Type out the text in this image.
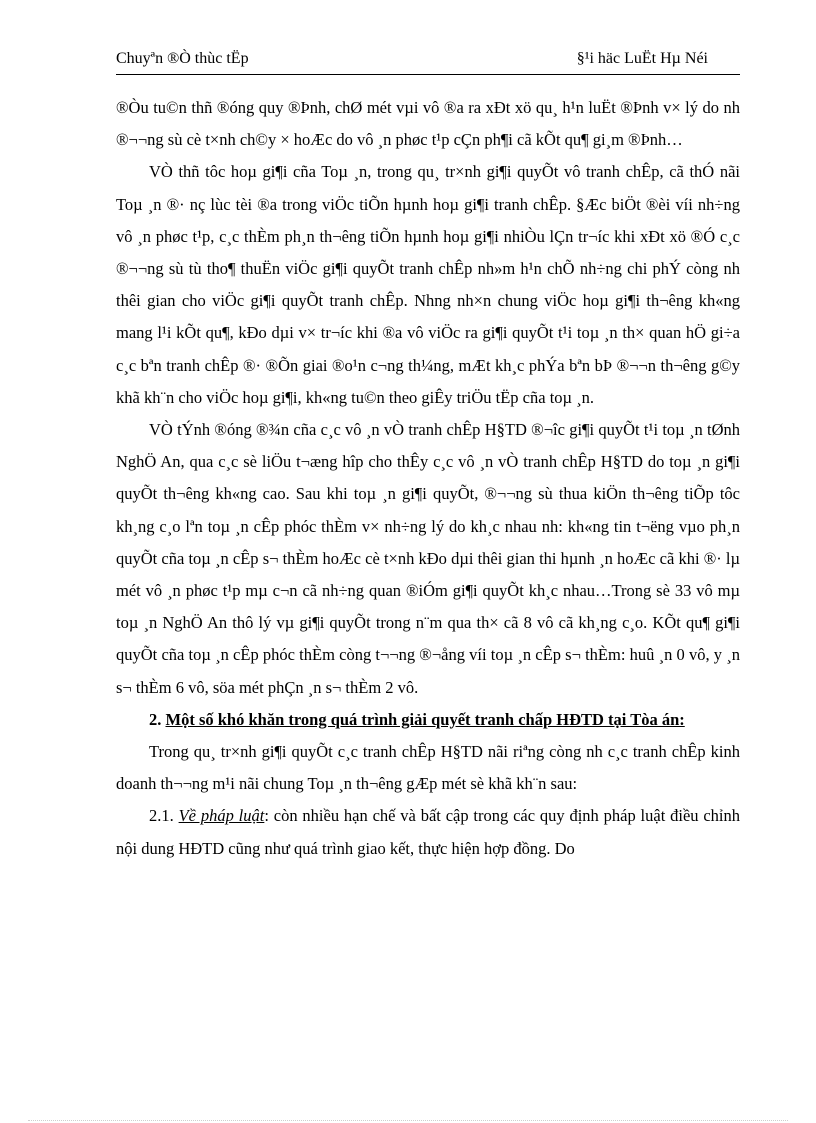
Chuyªn ®Ò thùc tËp	§¹i häc LuËt Hµ Néi

®Òu tu©n thñ ®óng quy ®Þnh, chØ mét vµi vô ®a ra xÐt xö qu¸ h¹n luËt ®Þnh v× lý do nh ®¬¬ng sù cè t×nh ch©y × hoÆc do vô ¸n phøc t¹p cÇn ph¶i cã kÕt qu¶ gi¸m ®Þnh…

VÒ thñ tôc hoµ gi¶i cña Toµ ¸n, trong qu¸ tr×nh gi¶i quyÕt vô tranh chÊp, cã thÓ nãi Toµ ¸n ®· nç lùc tèi ®a trong viÖc tiÕn hµnh hoµ gi¶i tranh chÊp. §Æc biÖt ®èi víi nh÷ng vô ¸n phøc t¹p, c¸c thÈm ph¸n th¬êng tiÕn hµnh hoµ gi¶i nhiÒu lÇn tr¬íc khi xÐt xö ®Ó c¸c ®¬¬ng sù tù tho¶ thuËn viÖc gi¶i quyÕt tranh chÊp nh»m h¹n chÕ nh÷ng chi phÝ còng nh thêi gian cho viÖc gi¶i quyÕt tranh chÊp. Nhng nh×n chung viÖc hoµ gi¶i th¬êng kh«ng mang l¹i kÕt qu¶, kÐo dµi v× tr¬íc khi ®a vô viÖc ra gi¶i quyÕt t¹i toµ ¸n th× quan hÖ gi÷a c¸c bªn tranh chÊp ®· ®Õn giai ®o¹n c¬ng th¼ng, mÆt kh¸c phÝa bªn bÞ ®¬¬n th¬êng g©y khã kh¨n cho viÖc hoµ gi¶i, kh«ng tu©n theo giÊy triÖu tËp cña toµ ¸n.

VÒ tÝnh ®óng ®¾n cña c¸c vô ¸n vÒ tranh chÊp H§TD ®¬îc gi¶i quyÕt t¹i toµ ¸n tØnh NghÖ An, qua c¸c sè liÖu t¬æng hîp cho thÊy c¸c vô ¸n vÒ tranh chÊp H§TD do toµ ¸n gi¶i quyÕt th¬êng kh«ng cao. Sau khi toµ ¸n gi¶i quyÕt, ®¬¬ng sù thua kiÖn th¬êng tiÕp tôc kh¸ng c¸o lªn toµ ¸n cÊp phóc thÈm v× nh÷ng lý do kh¸c nhau nh: kh«ng tin t¬ëng vµo ph¸n quyÕt cña toµ ¸n cÊp s¬ thÈm hoÆc cè t×nh kÐo dµi thêi gian thi hµnh ¸n hoÆc cã khi ®· lµ mét vô ¸n phøc t¹p mµ c¬n cã nh÷ng quan ®iÓm gi¶i quyÕt kh¸c nhau…Trong sè 33 vô mµ toµ ¸n NghÖ An thô lý vµ gi¶i quyÕt trong n¨m qua th× cã 8 vô cã kh¸ng c¸o. KÕt qu¶ gi¶i quyÕt cña toµ ¸n cÊp phóc thÈm còng t¬¬ng ®¬ång víi toµ ¸n cÊp s¬ thÈm: huû ¸n 0 vô, y ¸n s¬ thÈm 6 vô, söa mét phÇn ¸n s¬ thÈm 2 vô.

2. Một số khó khăn trong quá trình giải quyết tranh chấp HĐTD tại Tòa án:

Trong qu¸ tr×nh gi¶i quyÕt c¸c tranh chÊp H§TD nãi riªng còng nh c¸c tranh chÊp kinh doanh th¬¬ng m¹i nãi chung Toµ ¸n th¬êng gÆp mét sè khã kh¨n sau:

2.1. Về pháp luật: còn nhiều hạn chế và bất cập trong các quy định pháp luật điều chỉnh nội dung HĐTD cũng như quá trình giao kết, thực hiện hợp đồng. Do
